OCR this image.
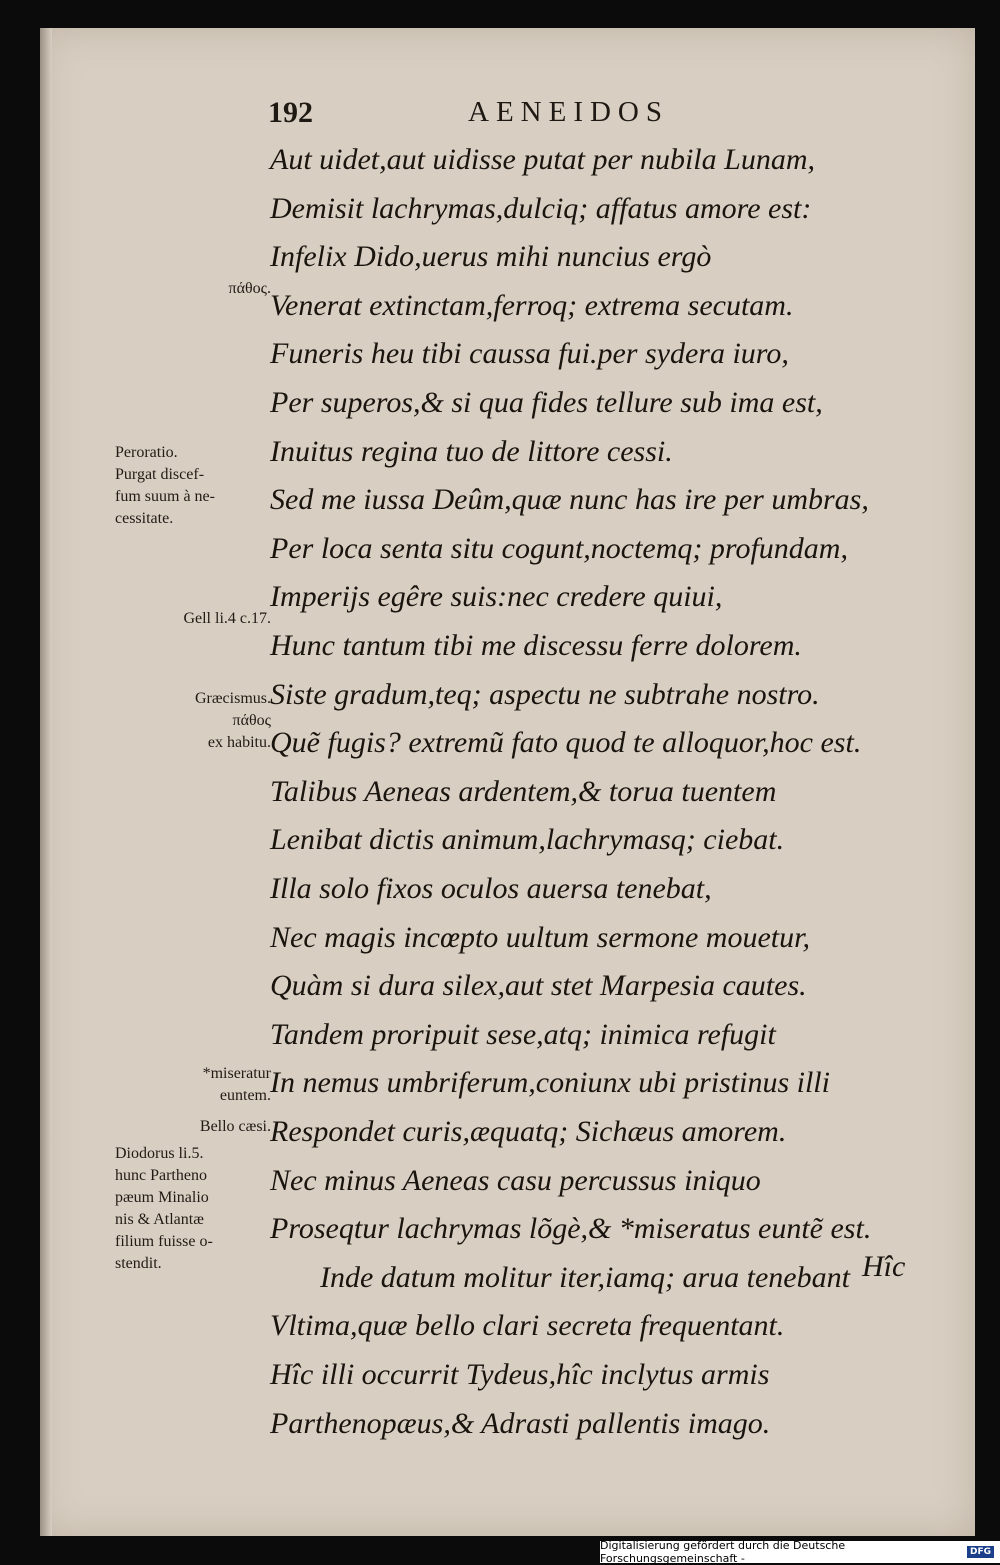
192	AENEIDOS
Aut uidet,aut uidisse putat per nubila Lunam,
Demisit lachrymas,dulciq; affatus amore est:
Infelix Dido,uerus mihi nuncius ergò
Venerat extinctam,ferroq; extrema secutam.
Funeris heu tibi caussa fui.per sydera iuro,
Per superos,& si qua fides tellure sub ima est,
Inuitus regina tuo de littore cessi.
Sed me iussa Deûm,quæ nunc has ire per umbras,
Per loca senta situ cogunt,noctemq; profundam,
Imperijs egêre suis:nec credere quiui,
Hunc tantum tibi me discessu ferre dolorem.
Siste gradum,teq; aspectu ne subtrahe nostro.
Quẽ fugis? extremũ fato quod te alloquor,hoc est.
Talibus Aeneas ardentem,& torua tuentem
Lenibat dictis animum,lachrymasq; ciebat.
Illa solo fixos oculos auersa tenebat,
Nec magis incœpto uultum sermone mouetur,
Quàm si dura silex,aut stet Marpesia cautes.
Tandem proripuit sese,atq; inimica refugit
In nemus umbriferum,coniunx ubi pristinus illi
Respondet curis,æquatq; Sichæus amorem.
Nec minus Aeneas casu percussus iniquo
Proseqtur lachrymas lõgè,& *miseratus euntẽ est.
Inde datum molitur iter,iamq; arua tenebant
Vltima,quæ bello clari secreta frequentant.
Hîc illi occurrit Tydeus,hîc inclytus armis
Parthenopæus,& Adrasti pallentis imago.
πάθος.
Peroratio.
Purgat discef-
fum suum à ne-
cessitate.
Gell li.4 c.17.
Græcismus.
πάθος
ex habitu.
*miseratur
euntem.
Bello cæsi.
Diodorus li.5.
hunc Partheno
pæum Minalio
nis & Atlantæ
filium fuisse o-
stendit.	Hîc
Digitalisierung gefördert durch die Deutsche Forschungsgemeinschaft -	DFG
